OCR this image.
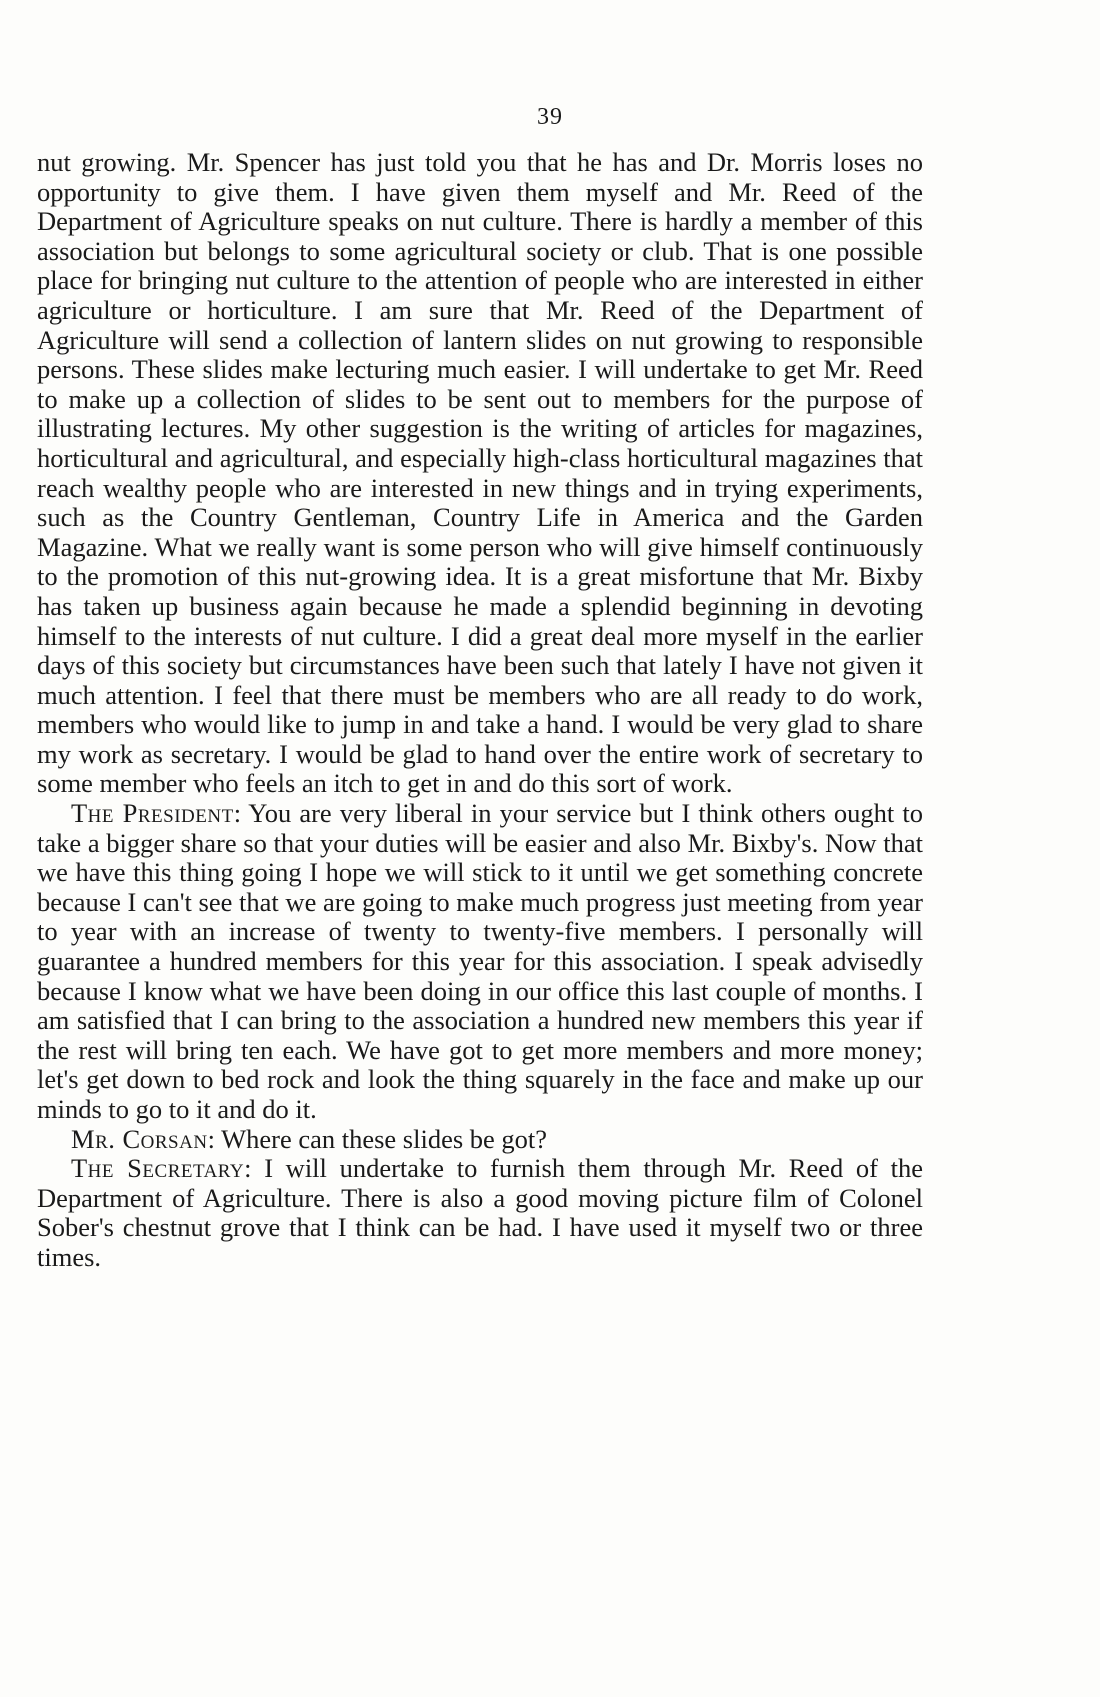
39

nut growing. Mr. Spencer has just told you that he has and Dr. Morris loses no opportunity to give them. I have given them myself and Mr. Reed of the Department of Agriculture speaks on nut culture. There is hardly a member of this association but belongs to some agricultural society or club. That is one possible place for bringing nut culture to the attention of people who are interested in either agriculture or horticulture. I am sure that Mr. Reed of the Department of Agriculture will send a collection of lantern slides on nut growing to responsible persons. These slides make lecturing much easier. I will undertake to get Mr. Reed to make up a collection of slides to be sent out to members for the purpose of illustrating lectures. My other suggestion is the writing of articles for magazines, horticultural and agricultural, and especially high-class horticultural magazines that reach wealthy people who are interested in new things and in trying experiments, such as the Country Gentleman, Country Life in America and the Garden Magazine. What we really want is some person who will give himself continuously to the promotion of this nut-growing idea. It is a great misfortune that Mr. Bixby has taken up business again because he made a splendid beginning in devoting himself to the interests of nut culture. I did a great deal more myself in the earlier days of this society but circumstances have been such that lately I have not given it much attention. I feel that there must be members who are all ready to do work, members who would like to jump in and take a hand. I would be very glad to share my work as secretary. I would be glad to hand over the entire work of secretary to some member who feels an itch to get in and do this sort of work.

The President: You are very liberal in your service but I think others ought to take a bigger share so that your duties will be easier and also Mr. Bixby's. Now that we have this thing going I hope we will stick to it until we get something concrete because I can't see that we are going to make much progress just meeting from year to year with an increase of twenty to twenty-five members. I personally will guarantee a hundred members for this year for this association. I speak advisedly because I know what we have been doing in our office this last couple of months. I am satisfied that I can bring to the association a hundred new members this year if the rest will bring ten each. We have got to get more members and more money; let's get down to bed rock and look the thing squarely in the face and make up our minds to go to it and do it.

Mr. Corsan: Where can these slides be got?

The Secretary: I will undertake to furnish them through Mr. Reed of the Department of Agriculture. There is also a good moving picture film of Colonel Sober's chestnut grove that I think can be had. I have used it myself two or three times.
